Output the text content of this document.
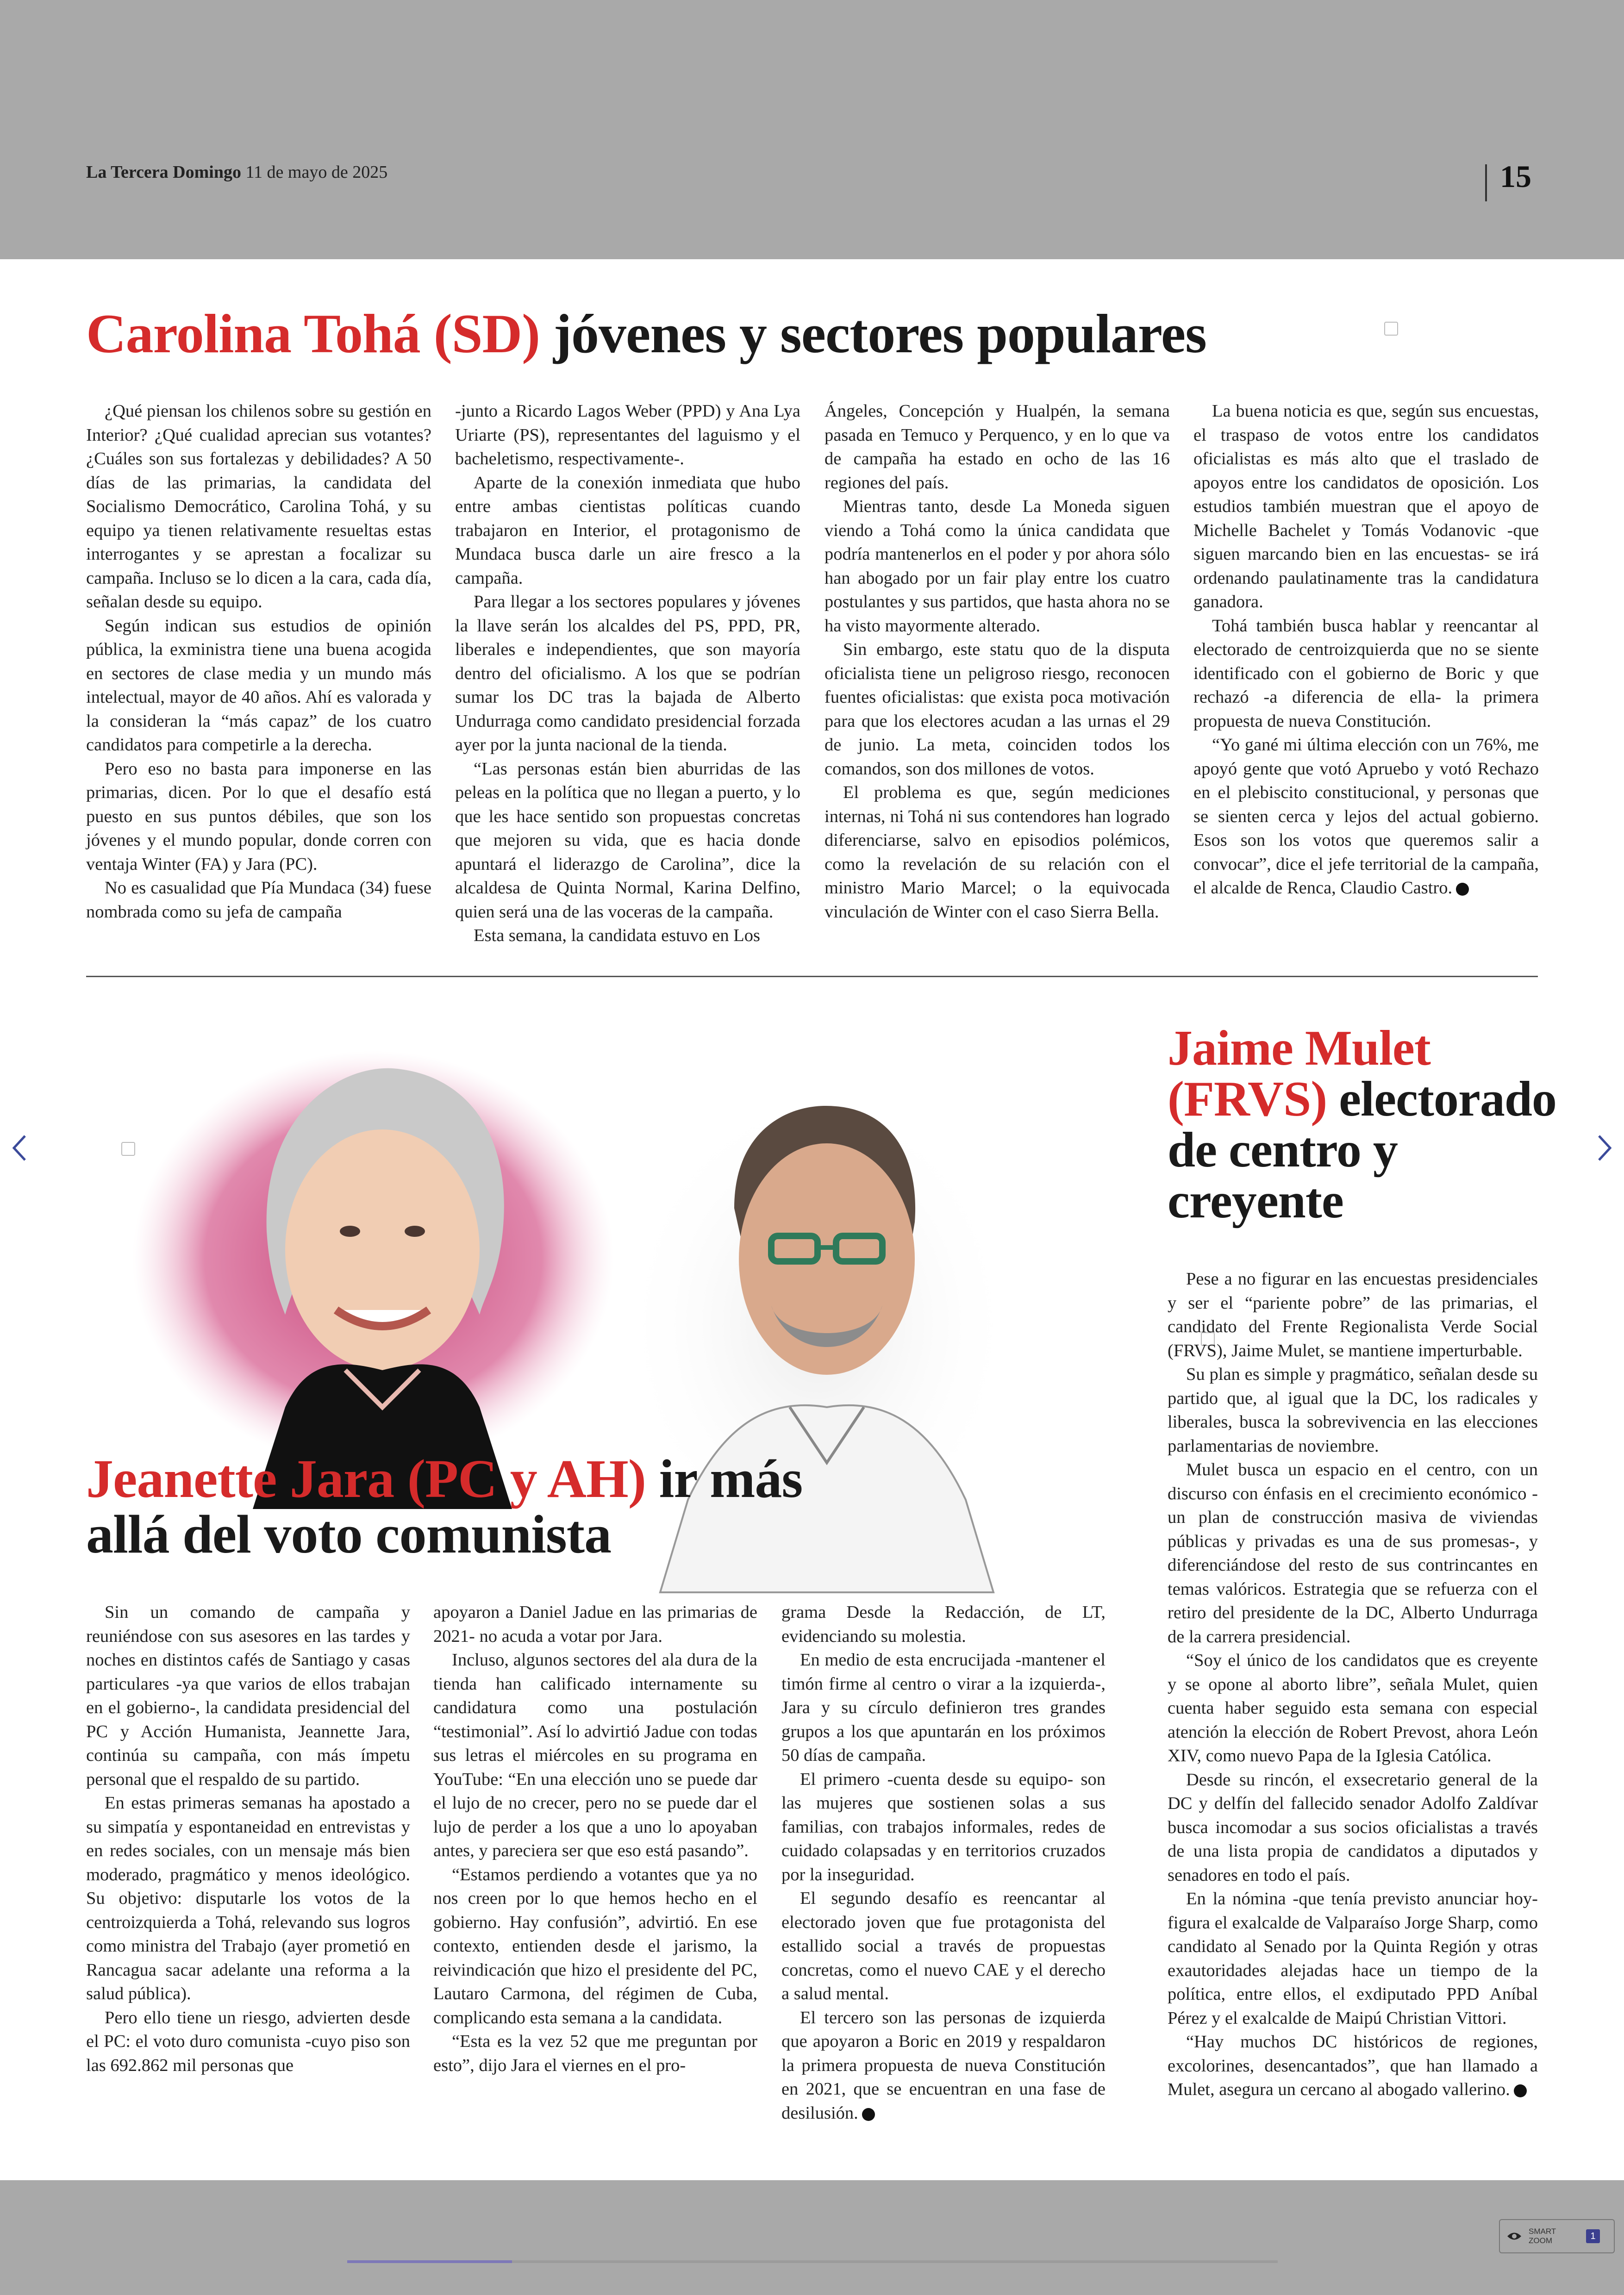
La Tercera Domingo 11 de mayo de 2025	15
Carolina Tohá (SD) jóvenes y sectores populares

¿Qué piensan los chilenos sobre su gestión en Interior? ¿Qué cualidad aprecian sus votantes? ¿Cuáles son sus fortalezas y debilidades? A 50 días de las primarias, la candidata del Socialismo Democrático, Carolina Tohá, y su equipo ya tienen relativamente resueltas estas interrogantes y se aprestan a focalizar su campaña. Incluso se lo dicen a la cara, cada día, señalan desde su equipo.

Según indican sus estudios de opinión pública, la exministra tiene una buena acogida en sectores de clase media y un mundo más intelectual, mayor de 40 años. Ahí es valorada y la consideran la “más capaz” de los cuatro candidatos para competirle a la derecha.

Pero eso no basta para imponerse en las primarias, dicen. Por lo que el desafío está puesto en sus puntos débiles, que son los jóvenes y el mundo popular, donde corren con ventaja Winter (FA) y Jara (PC).

No es casualidad que Pía Mundaca (34) fuese nombrada como su jefa de campaña

-junto a Ricardo Lagos Weber (PPD) y Ana Lya Uriarte (PS), representantes del laguismo y el bacheletismo, respectivamente-.

Aparte de la conexión inmediata que hubo entre ambas cientistas políticas cuando trabajaron en Interior, el protagonismo de Mundaca busca darle un aire fresco a la campaña.

Para llegar a los sectores populares y jóvenes la llave serán los alcaldes del PS, PPD, PR, liberales e independientes, que son mayoría dentro del oficialismo. A los que se podrían sumar los DC tras la bajada de Alberto Undurraga como candidato presidencial forzada ayer por la junta nacional de la tienda.

“Las personas están bien aburridas de las peleas en la política que no llegan a puerto, y lo que les hace sentido son propuestas concretas que mejoren su vida, que es hacia donde apuntará el liderazgo de Carolina”, dice la alcaldesa de Quinta Normal, Karina Delfino, quien será una de las voceras de la campaña.

Esta semana, la candidata estuvo en Los

Ángeles, Concepción y Hualpén, la semana pasada en Temuco y Perquenco, y en lo que va de campaña ha estado en ocho de las 16 regiones del país.

Mientras tanto, desde La Moneda siguen viendo a Tohá como la única candidata que podría mantenerlos en el poder y por ahora sólo han abogado por un fair play entre los cuatro postulantes y sus partidos, que hasta ahora no se ha visto mayormente alterado.

Sin embargo, este statu quo de la disputa oficialista tiene un peligroso riesgo, reconocen fuentes oficialistas: que exista poca motivación para que los electores acudan a las urnas el 29 de junio. La meta, coinciden todos los comandos, son dos millones de votos.

El problema es que, según mediciones internas, ni Tohá ni sus contendores han logrado diferenciarse, salvo en episodios polémicos, como la revelación de su relación con el ministro Mario Marcel; o la equivocada vinculación de Winter con el caso Sierra Bella.

La buena noticia es que, según sus encuestas, el traspaso de votos entre los candidatos oficialistas es más alto que el traslado de apoyos entre los candidatos de oposición. Los estudios también muestran que el apoyo de Michelle Bachelet y Tomás Vodanovic -que siguen marcando bien en las encuestas- se irá ordenando paulatinamente tras la candidatura ganadora.

Tohá también busca hablar y reencantar al electorado de centroizquierda que no se siente identificado con el gobierno de Boric y que rechazó -a diferencia de ella- la primera propuesta de nueva Constitución.

“Yo gané mi última elección con un 76%, me apoyó gente que votó Apruebo y votó Rechazo en el plebiscito constitucional, y personas que se sienten cerca y lejos del actual gobierno. Esos son los votos que queremos salir a convocar”, dice el jefe territorial de la campaña, el alcalde de Renca, Claudio Castro.

Jeanette Jara (PC y AH) ir más allá del voto comunista

Sin un comando de campaña y reuniéndose con sus asesores en las tardes y noches en distintos cafés de Santiago y casas particulares -ya que varios de ellos trabajan en el gobierno-, la candidata presidencial del PC y Acción Humanista, Jeannette Jara, continúa su campaña, con más ímpetu personal que el respaldo de su partido.

En estas primeras semanas ha apostado a su simpatía y espontaneidad en entrevistas y en redes sociales, con un mensaje más bien moderado, pragmático y menos ideológico. Su objetivo: disputarle los votos de la centroizquierda a Tohá, relevando sus logros como ministra del Trabajo (ayer prometió en Rancagua sacar adelante una reforma a la salud pública).

Pero ello tiene un riesgo, advierten desde el PC: el voto duro comunista -cuyo piso son las 692.862 mil personas que

apoyaron a Daniel Jadue en las primarias de 2021- no acuda a votar por Jara.

Incluso, algunos sectores del ala dura de la tienda han calificado internamente su candidatura como una postulación “testimonial”. Así lo advirtió Jadue con todas sus letras el miércoles en su programa en YouTube: “En una elección uno se puede dar el lujo de no crecer, pero no se puede dar el lujo de perder a los que a uno lo apoyaban antes, y pareciera ser que eso está pasando”.

“Estamos perdiendo a votantes que ya no nos creen por lo que hemos hecho en el gobierno. Hay confusión”, advirtió. En ese contexto, entienden desde el jarismo, la reivindicación que hizo el presidente del PC, Lautaro Carmona, del régimen de Cuba, complicando esta semana a la candidata.

“Esta es la vez 52 que me preguntan por esto”, dijo Jara el viernes en el pro-

grama Desde la Redacción, de LT, evidenciando su molestia.

En medio de esta encrucijada -mantener el timón firme al centro o virar a la izquierda-, Jara y su círculo definieron tres grandes grupos a los que apuntarán en los próximos 50 días de campaña.

El primero -cuenta desde su equipo- son las mujeres que sostienen solas a sus familias, con trabajos informales, redes de cuidado colapsadas y en territorios cruzados por la inseguridad.

El segundo desafío es reencantar al electorado joven que fue protagonista del estallido social a través de propuestas concretas, como el nuevo CAE y el derecho a salud mental.

El tercero son las personas de izquierda que apoyaron a Boric en 2019 y respaldaron la primera propuesta de nueva Constitución en 2021, que se encuentran en una fase de desilusión.

Jaime Mulet (FRVS) electorado de centro y creyente

Pese a no figurar en las encuestas presidenciales y ser el “pariente pobre” de las primarias, el candidato del Frente Regionalista Verde Social (FRVS), Jaime Mulet, se mantiene imperturbable.

Su plan es simple y pragmático, señalan desde su partido que, al igual que la DC, los radicales y liberales, busca la sobrevivencia en las elecciones parlamentarias de noviembre.

Mulet busca un espacio en el centro, con un discurso con énfasis en el crecimiento económico -un plan de construcción masiva de viviendas públicas y privadas es una de sus promesas-, y diferenciándose del resto de sus contrincantes en temas valóricos. Estrategia que se refuerza con el retiro del presidente de la DC, Alberto Undurraga de la carrera presidencial.

“Soy el único de los candidatos que es creyente y se opone al aborto libre”, señala Mulet, quien cuenta haber seguido esta semana con especial atención la elección de Robert Prevost, ahora León XIV, como nuevo Papa de la Iglesia Católica.

Desde su rincón, el exsecretario general de la DC y delfín del fallecido senador Adolfo Zaldívar busca incomodar a sus socios oficialistas a través de una lista propia de candidatos a diputados y senadores en todo el país.

En la nómina -que tenía previsto anunciar hoy- figura el exalcalde de Valparaíso Jorge Sharp, como candidato al Senado por la Quinta Región y otras exautoridades alejadas hace un tiempo de la política, entre ellos, el exdiputado PPD Aníbal Pérez y el exalcalde de Maipú Christian Vittori.

“Hay muchos DC históricos de regiones, excolorines, desencantados”, que han llamado a Mulet, asegura un cercano al abogado vallerino.

SMART ZOOM	1
